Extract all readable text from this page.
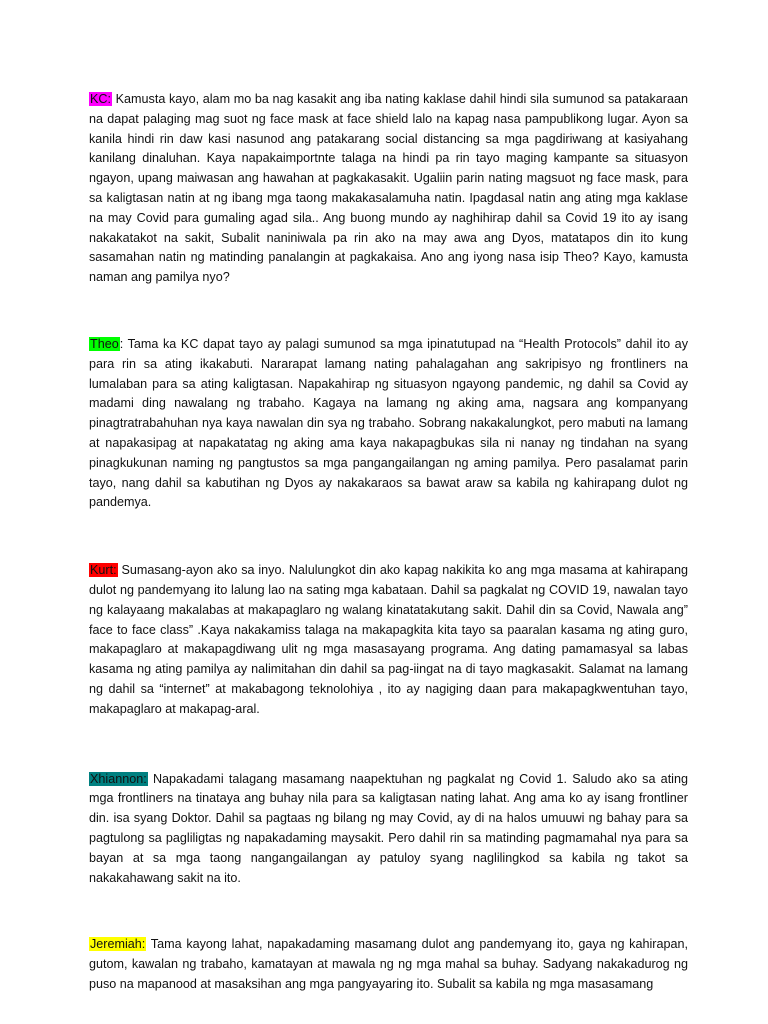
KC: Kamusta kayo, alam mo ba nag kasakit ang iba nating kaklase dahil hindi sila sumunod sa patakaraan na dapat palaging mag suot ng face mask at face shield lalo na kapag nasa pampublikong lugar. Ayon sa kanila hindi rin daw kasi nasunod ang patakarang social distancing sa mga pagdiriwang at kasiyahang kanilang dinaluhan. Kaya napakaimportnte talaga na hindi pa rin tayo maging kampante sa situasyon ngayon, upang maiwasan ang hawahan at pagkakasakit. Ugaliin parin nating magsuot ng face mask, para sa kaligtasan natin at ng ibang mga taong makakasalamuha natin. Ipagdasal natin ang ating mga kaklase na may Covid para gumaling agad sila.. Ang buong mundo ay naghihirap dahil sa Covid 19 ito ay isang nakakatakot na sakit, Subalit naniniwala pa rin ako na may awa ang Dyos, matatapos din ito kung sasamahan natin ng matinding panalangin at pagkakaisa. Ano ang iyong nasa isip Theo? Kayo, kamusta naman ang pamilya nyo?

Theo: Tama ka KC dapat tayo ay palagi sumunod sa mga ipinatutupad na “Health Protocols” dahil ito ay para rin sa ating ikakabuti. Nararapat lamang nating pahalagahan ang sakripisyo ng frontliners na lumalaban para sa ating kaligtasan. Napakahirap ng situasyon ngayong pandemic, ng dahil sa Covid ay madami ding nawalang ng trabaho. Kagaya na lamang ng aking ama, nagsara ang kompanyang pinagtratrabahuhan nya kaya nawalan din sya ng trabaho. Sobrang nakakalungkot, pero mabuti na lamang at napakasipag at napakatatag ng aking ama kaya nakapagbukas sila ni nanay ng tindahan na syang pinagkukunan naming ng pangtustos sa mga pangangailangan ng aming pamilya. Pero pasalamat parin tayo, nang dahil sa kabutihan ng Dyos ay nakakaraos sa bawat araw sa kabila ng kahirapang dulot ng pandemya.

Kurt: Sumasang-ayon ako sa inyo. Nalulungkot din ako kapag nakikita ko ang mga masama at kahirapang dulot ng pandemyang ito lalung lao na sating mga kabataan. Dahil sa pagkalat ng COVID 19, nawalan tayo ng kalayaang makalabas at makapaglaro ng walang kinatatakutang sakit. Dahil din sa Covid, Nawala ang” face to face class” .Kaya nakakamiss talaga na makapagkita kita tayo sa paaralan kasama ng ating guro, makapaglaro at makapagdiwang ulit ng mga masasayang programa. Ang dating pamamasyal sa labas kasama ng ating pamilya ay nalimitahan din dahil sa pag-iingat na di tayo magkasakit. Salamat na lamang ng dahil sa “internet” at makabagong teknolohiya , ito ay nagiging daan para makapagkwentuhan tayo, makapaglaro at makapag-aral.

Xhiannon: Napakadami talagang masamang naapektuhan ng pagkalat ng Covid 1. Saludo ako sa ating mga frontliners na tinataya ang buhay nila para sa kaligtasan nating lahat. Ang ama ko ay isang frontliner din. isa syang Doktor. Dahil sa pagtaas ng bilang ng may Covid, ay di na halos umuuwi ng bahay para sa pagtulong sa pagliligtas ng napakadaming maysakit. Pero dahil rin sa matinding pagmamahal nya para sa bayan at sa mga taong nangangailangan ay patuloy syang naglilingkod sa kabila ng takot sa nakakahawang sakit na ito.

Jeremiah: Tama kayong lahat, napakadaming masamang dulot ang pandemyang ito, gaya ng kahirapan, gutom, kawalan ng trabaho, kamatayan at mawala ng ng mga mahal sa buhay. Sadyang nakakadurog ng puso na mapanood at masaksihan ang mga pangyayaring ito. Subalit sa kabila ng mga masasamang
